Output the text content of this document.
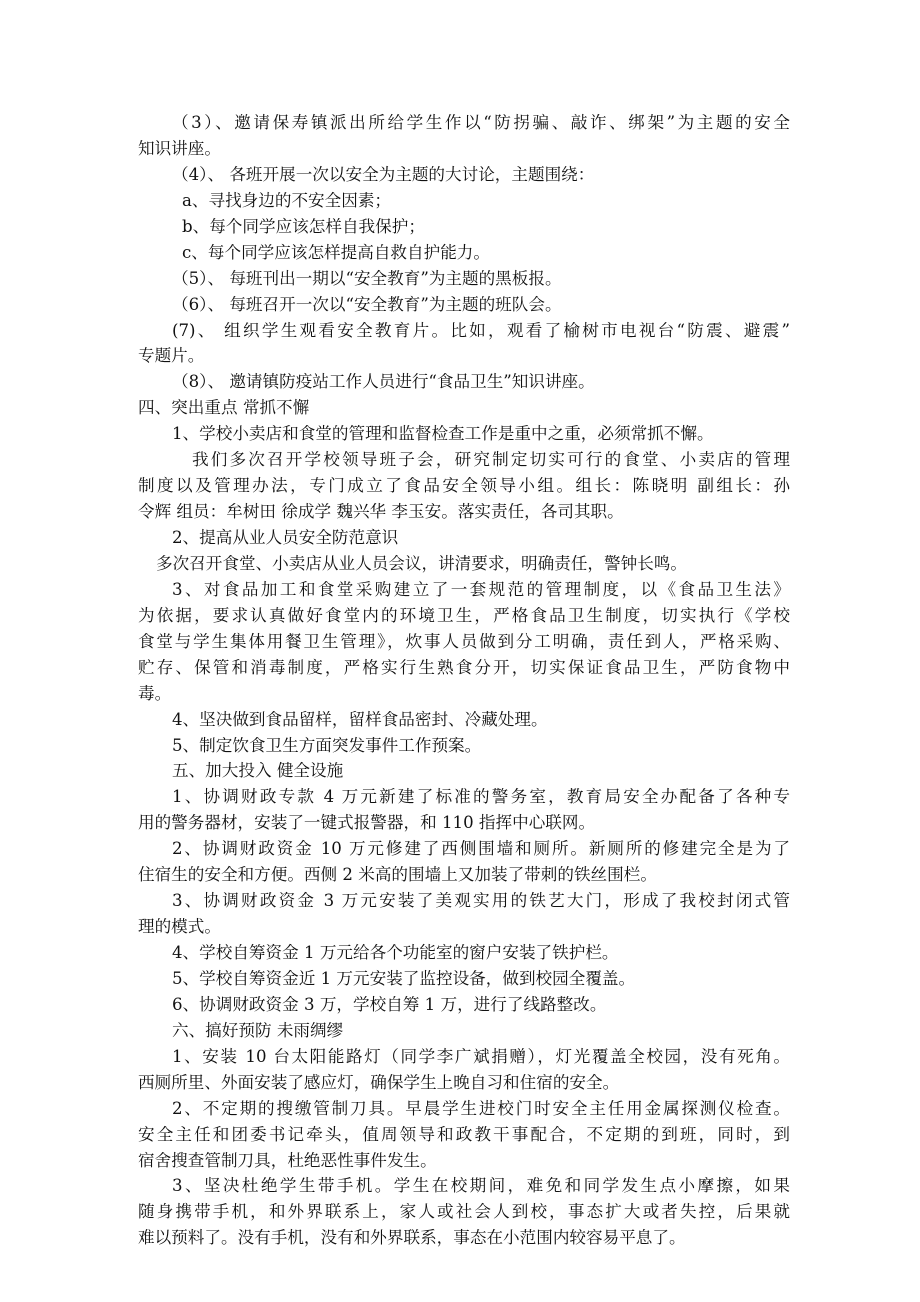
（3）、邀请保寿镇派出所给学生作以“防拐骗、敲诈、绑架”为主题的安全
知识讲座。
（4）、 各班开展一次以安全为主题的大讨论，主题围绕：
a、寻找身边的不安全因素；
b、每个同学应该怎样自我保护；
c、每个同学应该怎样提高自救自护能力。
（5）、 每班刊出一期以“安全教育”为主题的黑板报。
（6）、 每班召开一次以“安全教育”为主题的班队会。
(7)、 组织学生观看安全教育片。比如，观看了榆树市电视台“防震、避震”
专题片。
（8）、 邀请镇防疫站工作人员进行“食品卫生”知识讲座。
四、突出重点 常抓不懈
1、学校小卖店和食堂的管理和监督检查工作是重中之重，必须常抓不懈。
我们多次召开学校领导班子会，研究制定切实可行的食堂、小卖店的管理
制度以及管理办法，专门成立了食品安全领导小组。组长：陈晓明 副组长：孙
令辉 组员：牟树田 徐成学 魏兴华 李玉安。落实责任，各司其职。
2、提高从业人员安全防范意识
多次召开食堂、小卖店从业人员会议，讲清要求，明确责任，警钟长鸣。
3、对食品加工和食堂采购建立了一套规范的管理制度，以《食品卫生法》
为依据，要求认真做好食堂内的环境卫生，严格食品卫生制度，切实执行《学校
食堂与学生集体用餐卫生管理》，炊事人员做到分工明确，责任到人，严格采购、
贮存、保管和消毒制度，严格实行生熟食分开，切实保证食品卫生，严防食物中
毒。
4、坚决做到食品留样，留样食品密封、冷藏处理。
5、制定饮食卫生方面突发事件工作预案。
五、加大投入 健全设施
1、协调财政专款 4 万元新建了标准的警务室，教育局安全办配备了各种专
用的警务器材，安装了一键式报警器，和 110 指挥中心联网。
2、协调财政资金 10 万元修建了西侧围墙和厕所。新厕所的修建完全是为了
住宿生的安全和方便。西侧 2 米高的围墙上又加装了带刺的铁丝围栏。
3、协调财政资金 3 万元安装了美观实用的铁艺大门，形成了我校封闭式管
理的模式。
4、学校自筹资金 1 万元给各个功能室的窗户安装了铁护栏。
5、学校自筹资金近 1 万元安装了监控设备，做到校园全覆盖。
6、协调财政资金 3 万，学校自筹 1 万，进行了线路整改。
六、搞好预防 未雨绸缪
1、安装 10 台太阳能路灯（同学李广斌捐赠），灯光覆盖全校园，没有死角。
西厕所里、外面安装了感应灯，确保学生上晚自习和住宿的安全。
2、不定期的搜缴管制刀具。早晨学生进校门时安全主任用金属探测仪检查。
安全主任和团委书记牵头，值周领导和政教干事配合，不定期的到班，同时，到
宿舍搜查管制刀具，杜绝恶性事件发生。
3、坚决杜绝学生带手机。学生在校期间，难免和同学发生点小摩擦，如果
随身携带手机，和外界联系上，家人或社会人到校，事态扩大或者失控，后果就
难以预料了。没有手机，没有和外界联系，事态在小范围内较容易平息了。
